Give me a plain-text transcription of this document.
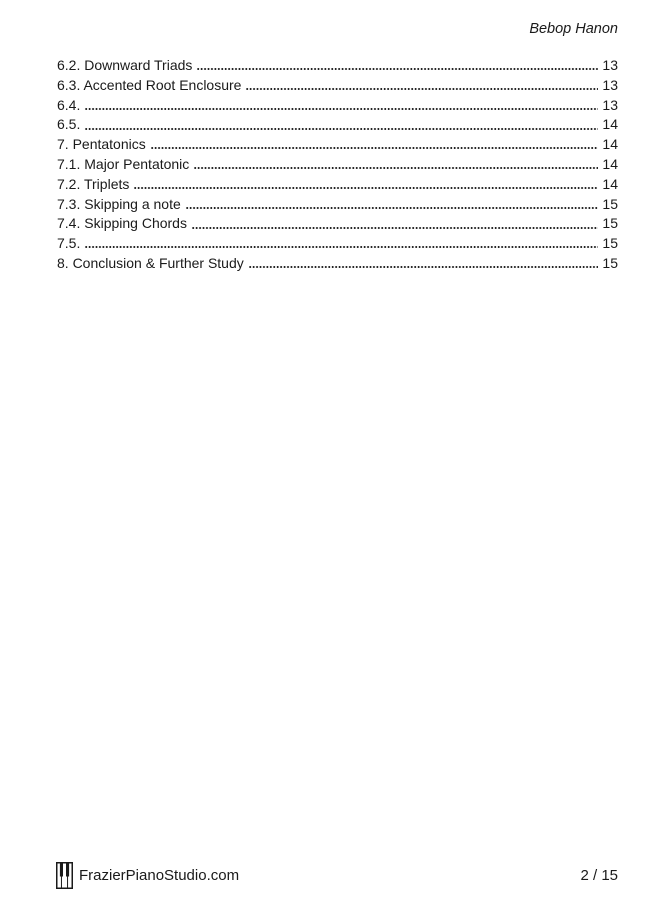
Bebop Hanon
6.2. Downward Triads	13
6.3. Accented Root Enclosure	13
6.4.	13
6.5.	14
7. Pentatonics	14
7.1. Major Pentatonic	14
7.2. Triplets	14
7.3. Skipping a note	15
7.4. Skipping Chords	15
7.5.	15
8. Conclusion & Further Study	15
FrazierPianoStudio.com	2 / 15
